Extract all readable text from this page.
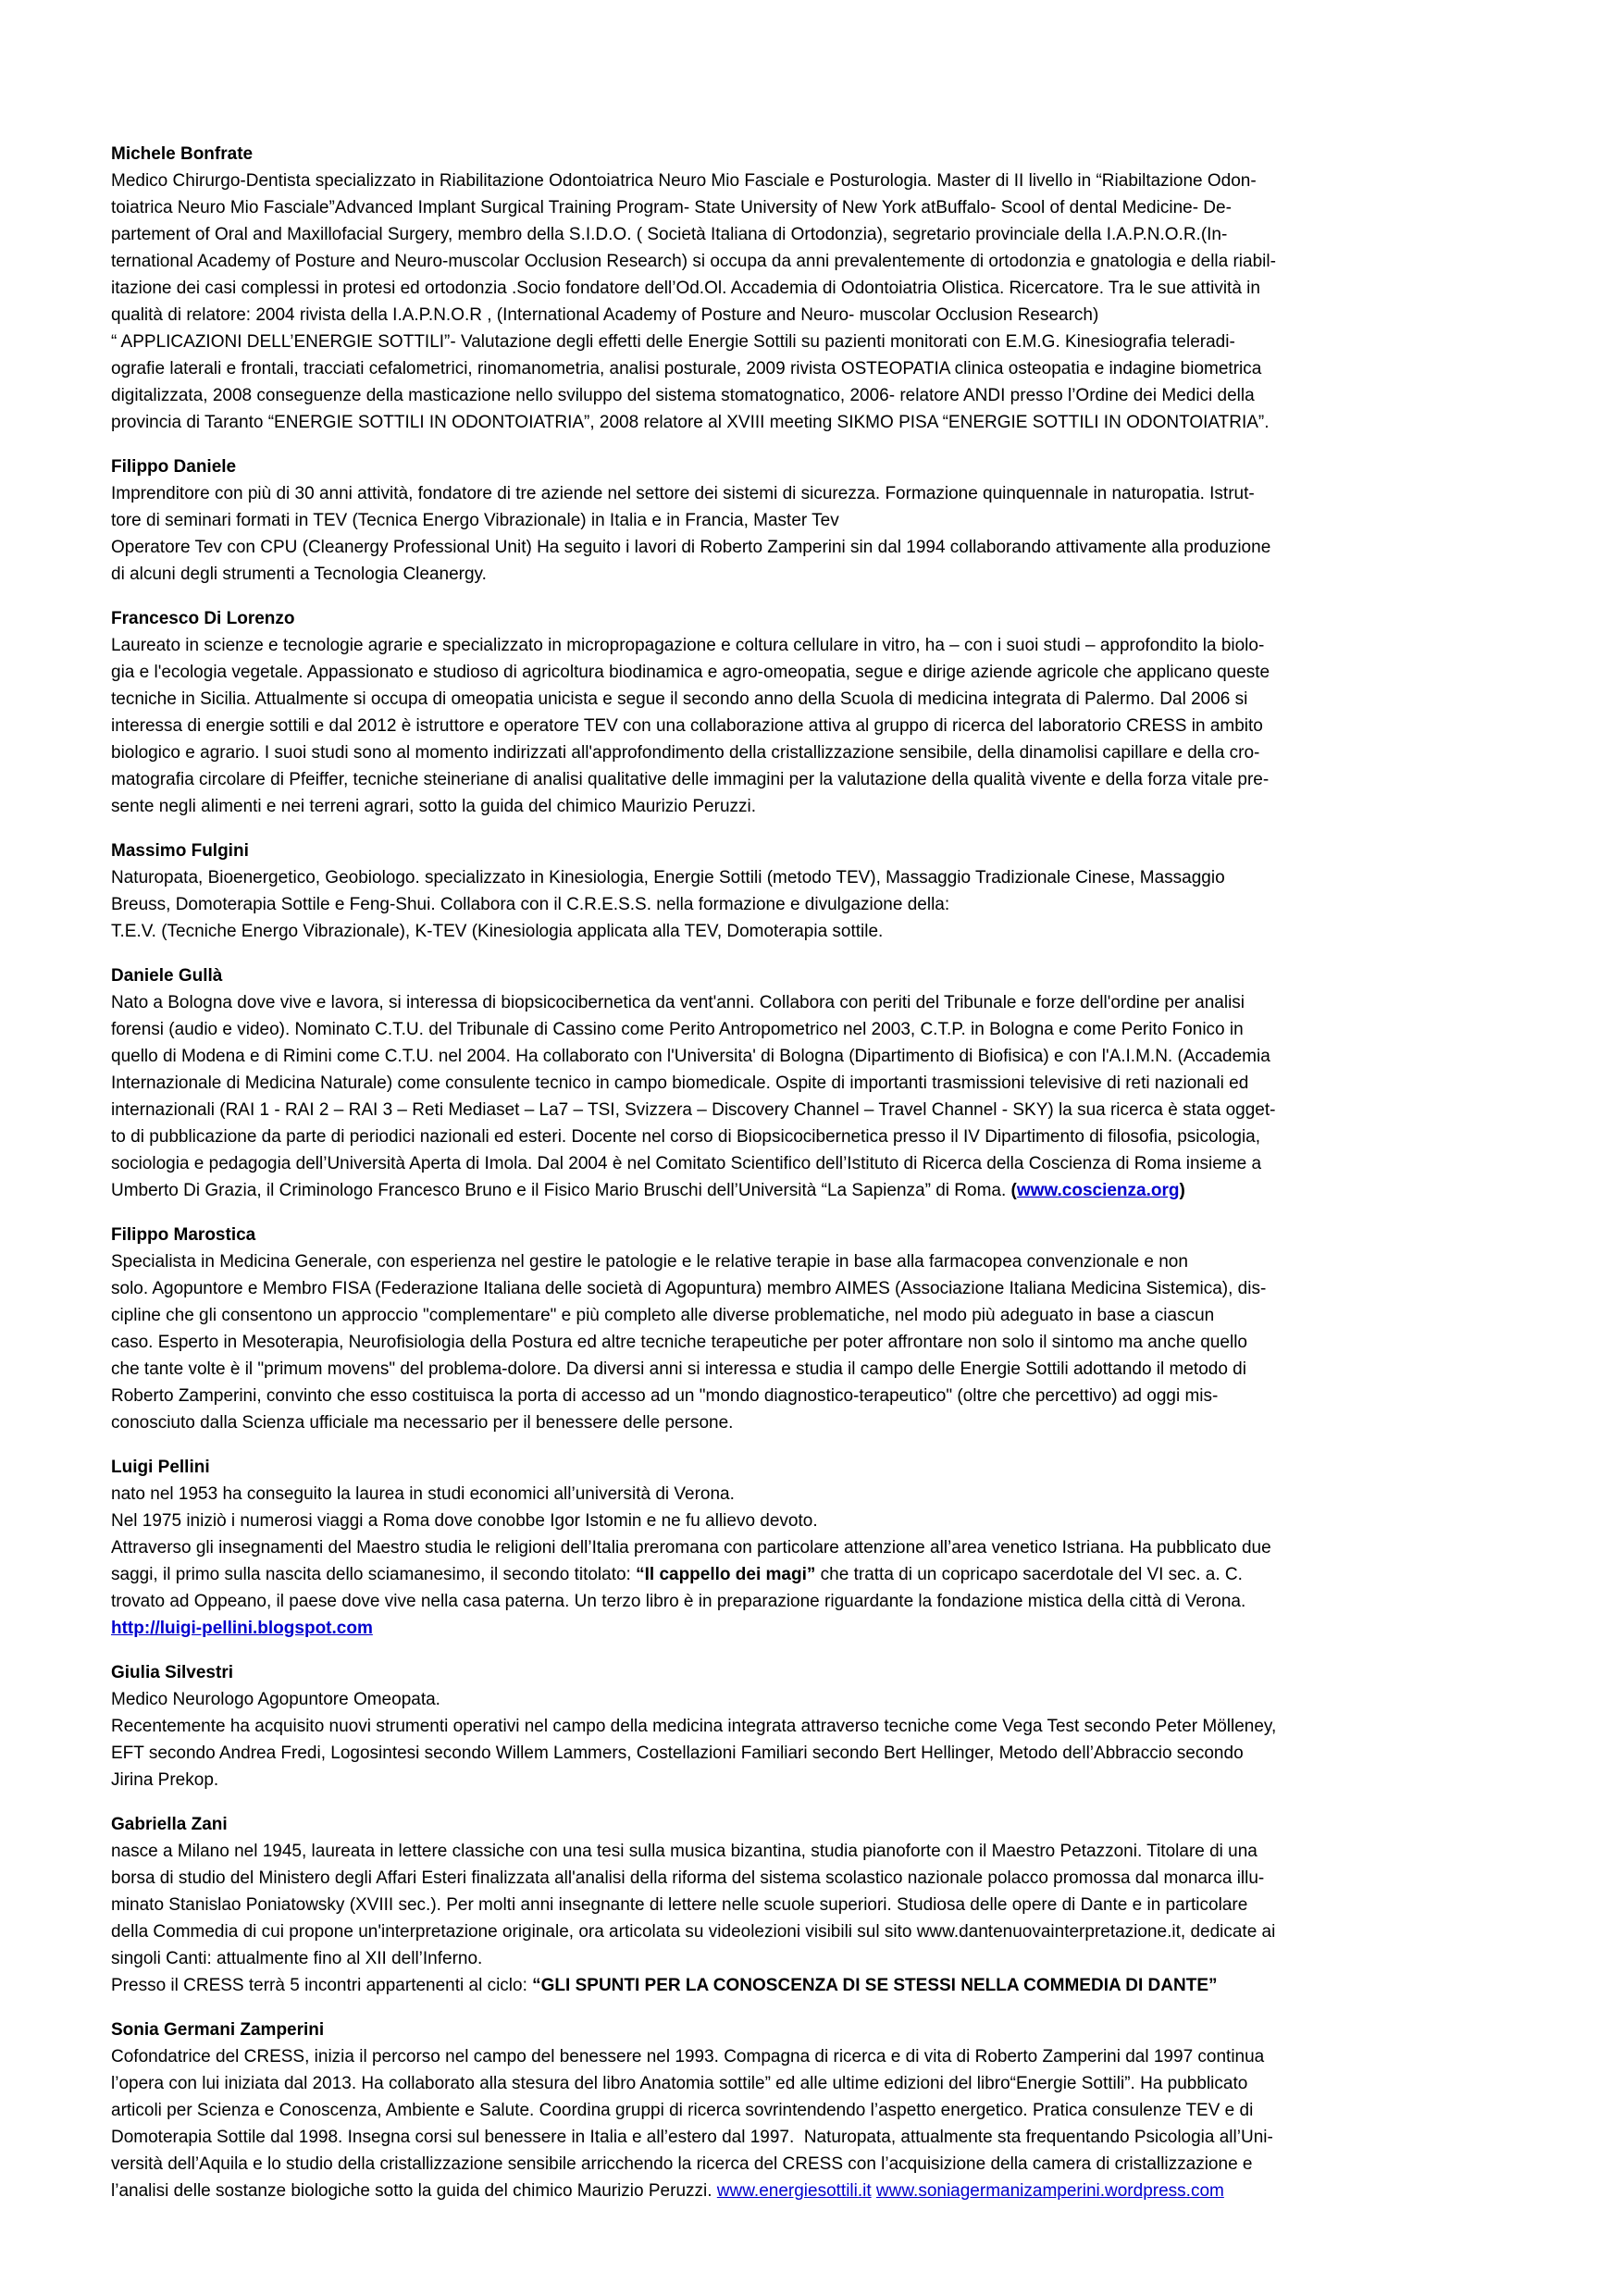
Michele Bonfrate
Medico Chirurgo-Dentista specializzato in Riabilitazione Odontoiatrica Neuro Mio Fasciale e Posturologia. Master di II livello in “Riabiltazione Odon-
toiatrica Neuro Mio Fasciale”Advanced Implant Surgical Training Program- State University of New York atBuffalo- Scool of dental Medicine- De-
partement of Oral and Maxillofacial Surgery, membro della S.I.D.O. ( Società Italiana di Ortodonzia), segretario provinciale della I.A.P.N.O.R.(In-
ternational Academy of Posture and Neuro-muscolar Occlusion Research) si occupa da anni prevalentemente di ortodonzia e gnatologia e della riabil-
itazione dei casi complessi in protesi ed ortodonzia .Socio fondatore dell’Od.Ol. Accademia di Odontoiatria Olistica. Ricercatore. Tra le sue attività in
qualità di relatore: 2004 rivista della I.A.P.N.O.R , (International Academy of Posture and Neuro- muscolar Occlusion Research)
“ APPLICAZIONI DELL’ENERGIE SOTTILI”- Valutazione degli effetti delle Energie Sottili su pazienti monitorati con E.M.G. Kinesiografia teleradi-
ografie laterali e frontali, tracciati cefalometrici, rinomanometria, analisi posturale, 2009 rivista OSTEOPATIA clinica osteopatia e indagine biometrica
digitalizzata, 2008 conseguenze della masticazione nello sviluppo del sistema stomatognatico, 2006- relatore ANDI presso l’Ordine dei Medici della
provincia di Taranto “ENERGIE SOTTILI IN ODONTOIATRIA”, 2008 relatore al XVIII meeting SIKMO PISA “ENERGIE SOTTILI IN ODONTOIATRIA”.
Filippo Daniele
Imprenditore con più di 30 anni attività, fondatore di tre aziende nel settore dei sistemi di sicurezza. Formazione quinquennale in naturopatia. Istrut-
tore di seminari formati in TEV (Tecnica Energo Vibrazionale) in Italia e in Francia, Master Tev
Operatore Tev con CPU (Cleanergy Professional Unit) Ha seguito i lavori di Roberto Zamperini sin dal 1994 collaborando attivamente alla produzione
di alcuni degli strumenti a Tecnologia Cleanergy.
Francesco Di Lorenzo
Laureato in scienze e tecnologie agrarie e specializzato in micropropagazione e coltura cellulare in vitro, ha – con i suoi studi – approfondito la biolo-
gia e l'ecologia vegetale. Appassionato e studioso di agricoltura biodinamica e agro-omeopatia, segue e dirige aziende agricole che applicano queste
tecniche in Sicilia. Attualmente si occupa di omeopatia unicista e segue il secondo anno della Scuola di medicina integrata di Palermo. Dal 2006 si
interessa di energie sottili e dal 2012 è istruttore e operatore TEV con una collaborazione attiva al gruppo di ricerca del laboratorio CRESS in ambito
biologico e agrario. I suoi studi sono al momento indirizzati all'approfondimento della cristallizzazione sensibile, della dinamolisi capillare e della cro-
matografia circolare di Pfeiffer, tecniche steineriane di analisi qualitative delle immagini per la valutazione della qualità vivente e della forza vitale pre-
sente negli alimenti e nei terreni agrari, sotto la guida del chimico Maurizio Peruzzi.
Massimo Fulgini
Naturopata, Bioenergetico, Geobiologo. specializzato in Kinesiologia, Energie Sottili (metodo TEV), Massaggio Tradizionale Cinese, Massaggio
Breuss, Domoterapia Sottile e Feng-Shui. Collabora con il C.R.E.S.S. nella formazione e divulgazione della:
T.E.V. (Tecniche Energo Vibrazionale), K-TEV (Kinesiologia applicata alla TEV, Domoterapia sottile.
Daniele Gullà
Nato a Bologna dove vive e lavora, si interessa di biopsicocibernetica da vent'anni. Collabora con periti del Tribunale e forze dell'ordine per analisi
forensi (audio e video). Nominato C.T.U. del Tribunale di Cassino come Perito Antropometrico nel 2003, C.T.P. in Bologna e come Perito Fonico in
quello di Modena e di Rimini come C.T.U. nel 2004. Ha collaborato con l'Universita' di Bologna (Dipartimento di Biofisica) e con l'A.I.M.N. (Accademia
Internazionale di Medicina Naturale) come consulente tecnico in campo biomedicale. Ospite di importanti trasmissioni televisive di reti nazionali ed
internazionali (RAI 1 - RAI 2 – RAI 3 – Reti Mediaset – La7 – TSI, Svizzera – Discovery Channel – Travel Channel - SKY) la sua ricerca è stata ogget-
to di pubblicazione da parte di periodici nazionali ed esteri. Docente nel corso di Biopsicocibernetica presso il IV Dipartimento di filosofia, psicologia,
sociologia e pedagogia dell’Università Aperta di Imola. Dal 2004 è nel Comitato Scientifico dell’Istituto di Ricerca della Coscienza di Roma insieme a
Umberto Di Grazia, il Criminologo Francesco Bruno e il Fisico Mario Bruschi dell’Università “La Sapienza” di Roma. (www.coscienza.org)
Filippo Marostica
Specialista in Medicina Generale, con esperienza nel gestire le patologie e le relative terapie in base alla farmacopea convenzionale e non
solo. Agopuntore e Membro FISA (Federazione Italiana delle società di Agopuntura) membro AIMES (Associazione Italiana Medicina Sistemica), dis-
cipline che gli consentono un approccio "complementare" e più completo alle diverse problematiche, nel modo più adeguato in base a ciascun
caso. Esperto in Mesoterapia, Neurofisiologia della Postura ed altre tecniche terapeutiche per poter affrontare non solo il sintomo ma anche quello
che tante volte è il "primum movens" del problema-dolore. Da diversi anni si interessa e studia il campo delle Energie Sottili adottando il metodo di
Roberto Zamperini, convinto che esso costituisca la porta di accesso ad un "mondo diagnostico-terapeutico" (oltre che percettivo) ad oggi mis-
conosciuto dalla Scienza ufficiale ma necessario per il benessere delle persone.
Luigi Pellini
nato nel 1953 ha conseguito la laurea in studi economici all’università di Verona.
Nel 1975 iniziò i numerosi viaggi a Roma dove conobbe Igor Istomin e ne fu allievo devoto.
Attraverso gli insegnamenti del Maestro studia le religioni dell’Italia preromana con particolare attenzione all’area venetico Istriana. Ha pubblicato due
saggi, il primo sulla nascita dello sciamanesimo, il secondo titolato: “Il cappello dei magi” che tratta di un copricapo sacerdotale del VI sec. a. C.
trovato ad Oppeano, il paese dove vive nella casa paterna. Un terzo libro è in preparazione riguardante la fondazione mistica della città di Verona.
http://luigi-pellini.blogspot.com
Giulia Silvestri
Medico Neurologo Agopuntore Omeopata.
Recentemente ha acquisito nuovi strumenti operativi nel campo della medicina integrata attraverso tecniche come Vega Test secondo Peter Mölleney,
EFT secondo Andrea Fredi, Logosintesi secondo Willem Lammers, Costellazioni Familiari secondo Bert Hellinger, Metodo dell’Abbraccio secondo
Jirina Prekop.
Gabriella Zani
nasce a Milano nel 1945, laureata in lettere classiche con una tesi sulla musica bizantina, studia pianoforte con il Maestro Petazzoni. Titolare di una
borsa di studio del Ministero degli Affari Esteri finalizzata all'analisi della riforma del sistema scolastico nazionale polacco promossa dal monarca illu-
minato Stanislao Poniatowsky (XVIII sec.). Per molti anni insegnante di lettere nelle scuole superiori. Studiosa delle opere di Dante e in particolare
della Commedia di cui propone un'interpretazione originale, ora articolata su videolezioni visibili sul sito www.dantenuovainterpretazione.it, dedicate ai
singoli Canti: attualmente fino al XII dell’Inferno.
Presso il CRESS terrà 5 incontri appartenenti al ciclo: “GLI SPUNTI PER LA CONOSCENZA DI SE STESSI NELLA COMMEDIA DI DANTE”
Sonia Germani Zamperini
Cofondatrice del CRESS, inizia il percorso nel campo del benessere nel 1993. Compagna di ricerca e di vita di Roberto Zamperini dal 1997 continua
l’opera con lui iniziata dal 2013. Ha collaborato alla stesura del libro Anatomia sottile” ed alle ultime edizioni del libro“Energie Sottili”. Ha pubblicato
articoli per Scienza e Conoscenza, Ambiente e Salute. Coordina gruppi di ricerca sovrintendendo l’aspetto energetico. Pratica consulenze TEV e di
Domoterapia Sottile dal 1998. Insegna corsi sul benessere in Italia e all’estero dal 1997.  Naturopata, attualmente sta frequentando Psicologia all’Uni-
versità dell’Aquila e lo studio della cristallizzazione sensibile arricchendo la ricerca del CRESS con l’acquisizione della camera di cristallizzazione e
l’analisi delle sostanze biologiche sotto la guida del chimico Maurizio Peruzzi. www.energiesottili.it www.soniagermanizamperini.wordpress.com
